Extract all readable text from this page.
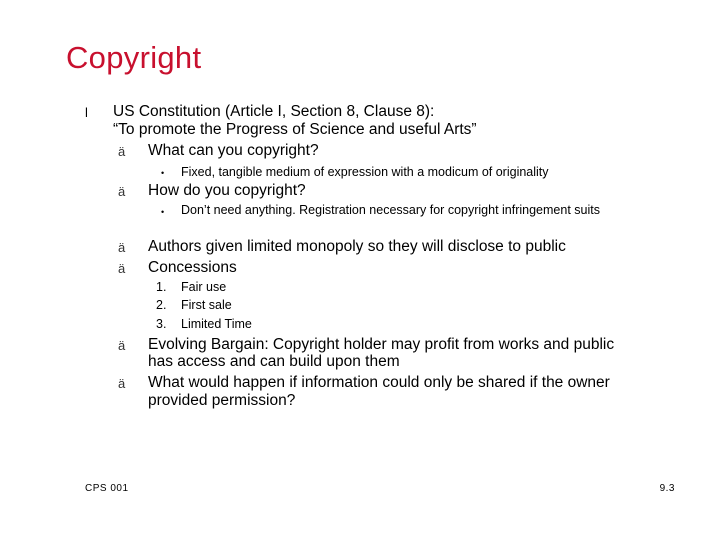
Copyright
l US Constitution (Article I, Section 8, Clause 8):
“To promote the Progress of Science and useful Arts”
ä What can you copyright?
• Fixed, tangible medium of expression with a modicum of originality
ä How do you copyright?
• Don’t need anything. Registration necessary for copyright infringement suits
ä Authors given limited monopoly so they will disclose to public
ä Concessions
1. Fair use
2. First sale
3. Limited Time
ä Evolving Bargain: Copyright holder may profit from works and public
has access and can build upon them
ä What would happen if information could only be shared if the owner
provided permission?
CPS 001	9.3
